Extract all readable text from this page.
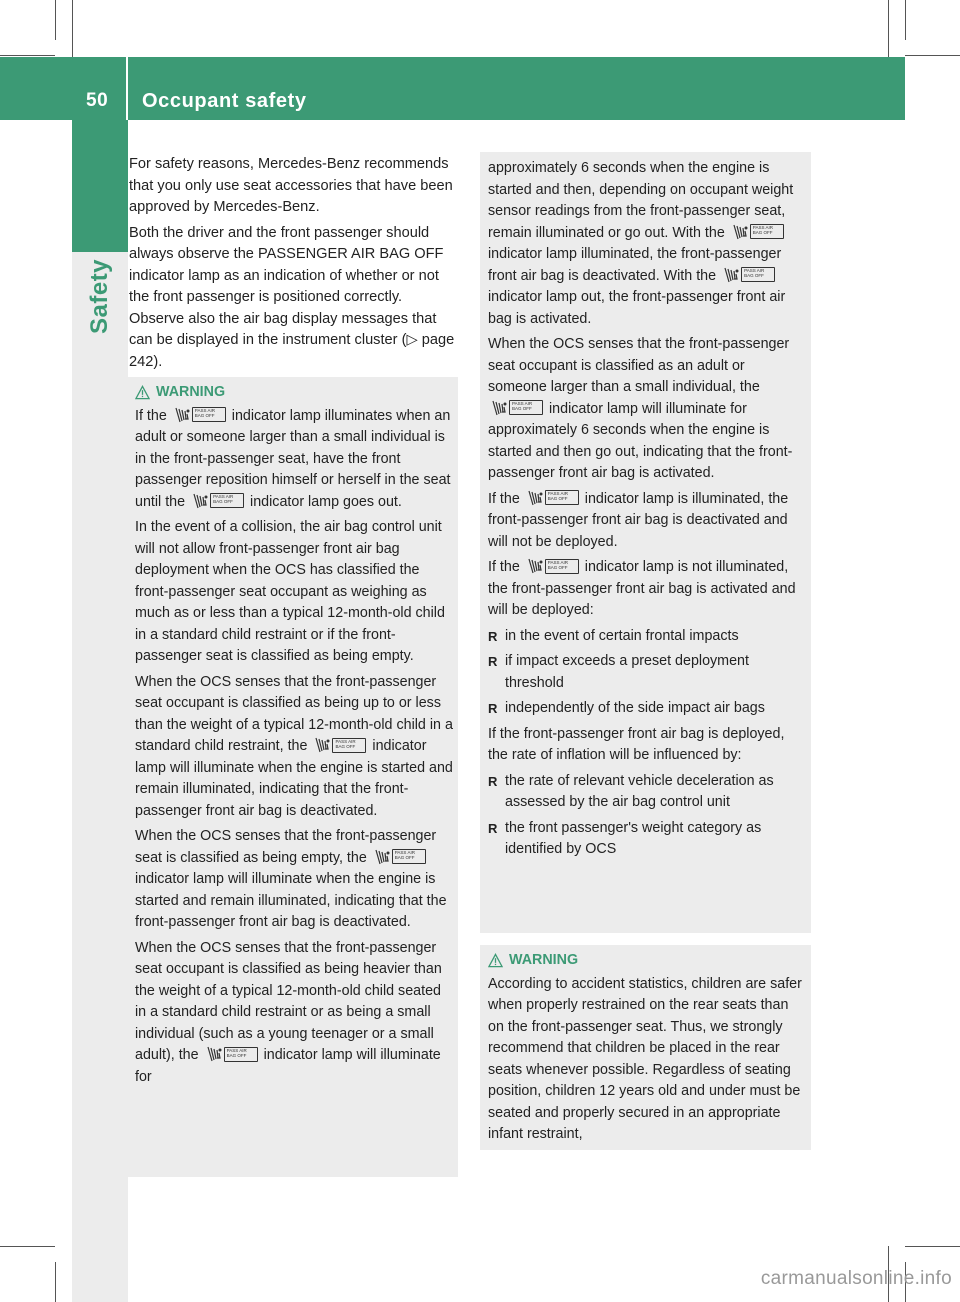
50 Occupant safety
Safety

For safety reasons, Mercedes-Benz recommends that you only use seat accessories that have been approved by Mercedes-Benz.

Both the driver and the front passenger should always observe the PASSENGER AIR BAG OFF indicator lamp as an indication of whether or not the front passenger is positioned correctly. Observe also the air bag display messages that can be displayed in the instrument cluster (▷ page 242).

WARNING

If the	PASS AIR BAG OFF	indicator lamp illuminates when an adult or someone larger than a small individual is in the front-passenger seat, have the front passenger reposition himself or herself in the seat until the	PASS AIR BAG OFF	indicator lamp goes out.

In the event of a collision, the air bag control unit will not allow front-passenger front air bag deployment when the OCS has classified the front-passenger seat occupant as weighing as much as or less than a typical 12-month-old child in a standard child restraint or if the front-passenger seat is classified as being empty.

When the OCS senses that the front-passenger seat occupant is classified as being up to or less than the weight of a typical 12-month-old child in a standard child restraint, the	PASS AIR BAG OFF	indicator lamp will illuminate when the engine is started and remain illuminated, indicating that the front-passenger front air bag is deactivated.

When the OCS senses that the front-passenger seat is classified as being empty, the	PASS AIR BAG OFF
indicator lamp will illuminate when the engine is started and remain illuminated, indicating that the front-passenger front air bag is deactivated.

When the OCS senses that the front-passenger seat occupant is classified as being heavier than the weight of a typical 12-month-old child seated in a standard child restraint or as being a small individual (such as a young teenager or a small adult), the	PASS AIR BAG OFF	indicator lamp will illuminate for

approximately 6 seconds when the engine is started and then, depending on occupant weight sensor readings from the front-passenger seat, remain illuminated or go out. With the	PASS AIR BAG OFF
indicator lamp illuminated, the front-passenger front air bag is deactivated. With the	PASS AIR BAG OFF
indicator lamp out, the front-passenger front air bag is activated.

When the OCS senses that the front-passenger seat occupant is classified as an adult or someone larger than a small individual, the
PASS AIR BAG OFF	indicator lamp will illuminate for approximately 6 seconds when the engine is started and then go out, indicating that the front-passenger front air bag is activated.

If the	PASS AIR BAG OFF	indicator lamp is illuminated, the front-passenger front air bag is deactivated and will not be deployed.

If the	PASS AIR BAG OFF	indicator lamp is not illuminated, the front-passenger front air bag is activated and will be deployed:

R in the event of certain frontal impacts
R if impact exceeds a preset deployment threshold
R independently of the side impact air bags

If the front-passenger front air bag is deployed, the rate of inflation will be influenced by:

R the rate of relevant vehicle deceleration as assessed by the air bag control unit
R the front passenger's weight category as identified by OCS
WARNING

According to accident statistics, children are safer when properly restrained on the rear seats than on the front-passenger seat. Thus, we strongly recommend that children be placed in the rear seats whenever possible. Regardless of seating position, children 12 years old and under must be seated and properly secured in an appropriate infant restraint,

carmanualsonline.info
